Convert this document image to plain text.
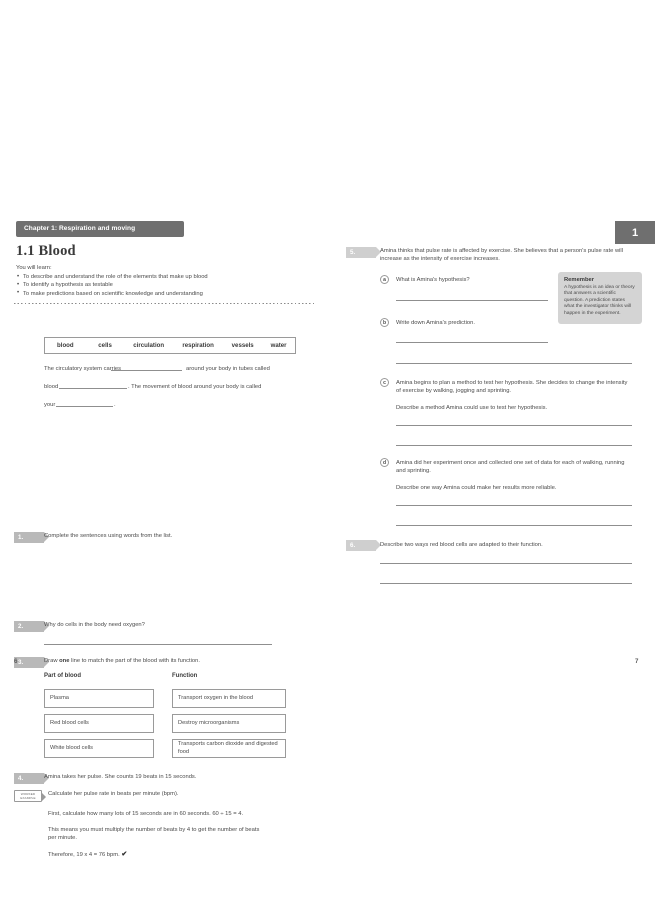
Chapter 1: Respiration and moving
1.1 Blood
You will learn:
• To describe and understand the role of the elements that make up blood
• To identify a hypothesis as testable
• To make predictions based on scientific knowledge and understanding
1.	Complete the sentences using words from the list.
blood	cells	circulation	respiration	vessels	water
The circulatory system carries	around your body in tubes called
blood	. The movement of blood around your body is called
your	.
2.	Why do cells in the body need oxygen?
3.	Draw one line to match the part of the blood with its function.
Part of blood	Function
Plasma
Red blood cells
White blood cells
Transport oxygen in the blood
Destroy microorganisms
Transports carbon dioxide and digested food
4.	Amina takes her pulse. She counts 19 beats in 15 seconds.
WORKED
EXAMPLE
Calculate her pulse rate in beats per minute (bpm).
First, calculate how many lots of 15 seconds are in 60 seconds. 60 ÷ 15 = 4.
This means you must multiply the number of beats by 4 to get the number of beats per minute.
Therefore, 19 x 4 = 76 bpm. ✔
6
1
5.	Amina thinks that pulse rate is affected by exercise. She believes that a person's pulse rate will increase as the intensity of exercise increases.
Remember

A hypothesis is an idea or theory that answers a scientific question. A prediction states what the investigator thinks will happen in the experiment.

a What is Amina's hypothesis?
b Write down Amina's prediction.
c Amina begins to plan a method to test her hypothesis. She decides to change the intensity of exercise by walking, jogging and sprinting.
Describe a method Amina could use to test her hypothesis.
d Amina did her experiment once and collected one set of data for each of walking, running and sprinting.
Describe one way Amina could make her results more reliable.
6.	Describe two ways red blood cells are adapted to their function.
7
